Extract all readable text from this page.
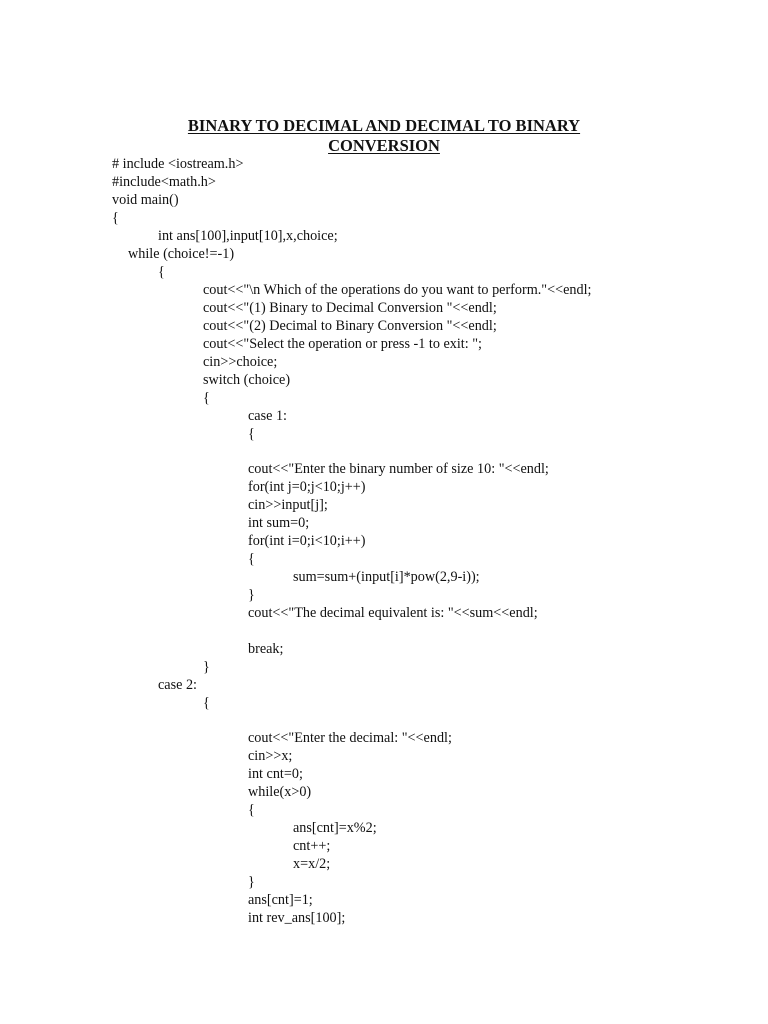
BINARY TO DECIMAL AND DECIMAL TO BINARY
CONVERSION
# include <iostream.h>
#include<math.h>
void main()
{
int ans[100],input[10],x,choice;
while (choice!=-1)
{
cout<<"\n Which of the operations do you want to perform."<<endl;
cout<<"(1) Binary to Decimal Conversion "<<endl;
cout<<"(2) Decimal to Binary Conversion "<<endl;
cout<<"Select the operation or press -1 to exit: ";
cin>>choice;
switch (choice)
{
case 1:
{
cout<<"Enter the binary number of size 10: "<<endl;
for(int j=0;j<10;j++)
cin>>input[j];
int sum=0;
for(int i=0;i<10;i++)
{
sum=sum+(input[i]*pow(2,9-i));
}
cout<<"The decimal equivalent is: "<<sum<<endl;
break;
}
case 2:
{
cout<<"Enter the decimal: "<<endl;
cin>>x;
int cnt=0;
while(x>0)
{
ans[cnt]=x%2;
cnt++;
x=x/2;
}
ans[cnt]=1;
int rev_ans[100];
